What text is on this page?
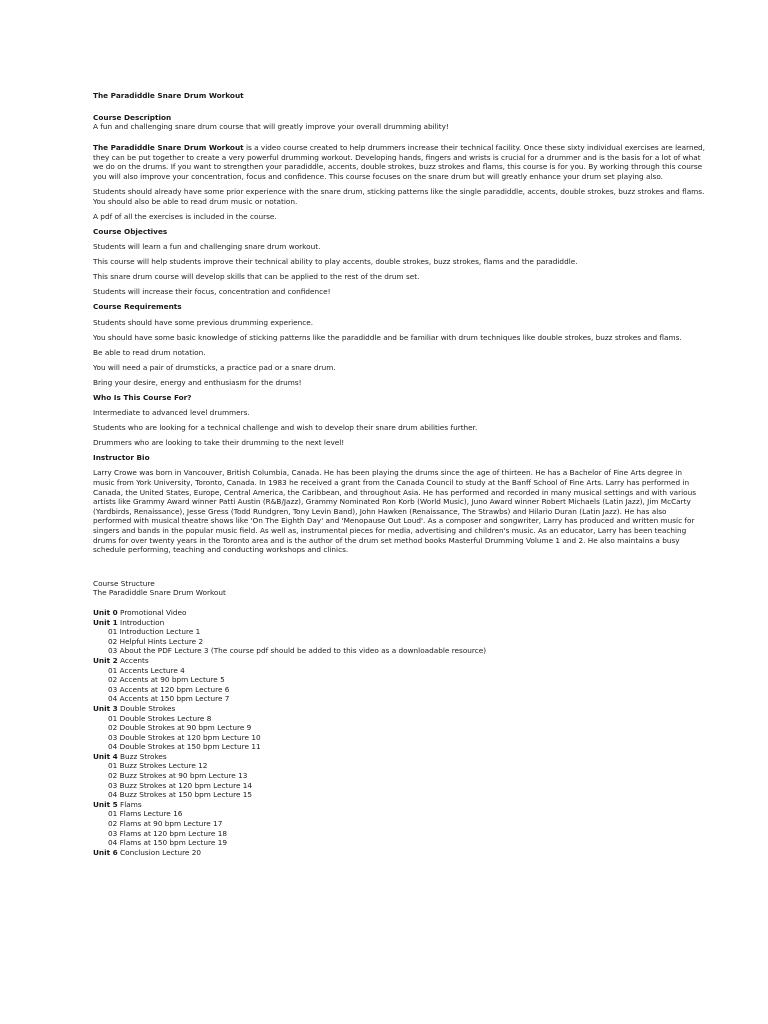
The Paradiddle Snare Drum Workout
Course Description
A fun and challenging snare drum course that will greatly improve your overall drumming ability!
The Paradiddle Snare Drum Workout is a video course created to help drummers increase their technical facility. Once these sixty individual exercises are learned, they can be put together to create a very powerful drumming workout. Developing hands, fingers and wrists is crucial for a drummer and is the basis for a lot of what we do on the drums. If you want to strengthen your paradiddle, accents, double strokes, buzz strokes and flams, this course is for you. By working through this course you will also improve your concentration, focus and confidence. This course focuses on the snare drum but will greatly enhance your drum set playing also.
Students should already have some prior experience with the snare drum, sticking patterns like the single paradiddle, accents, double strokes, buzz strokes and flams. You should also be able to read drum music or notation.
A pdf of all the exercises is included in the course.
Course Objectives
Students will learn a fun and challenging snare drum workout.
This course will help students improve their technical ability to play accents, double strokes, buzz strokes, flams and the paradiddle.
This snare drum course will develop skills that can be applied to the rest of the drum set.
Students will increase their focus, concentration and confidence!
Course Requirements
Students should have some previous drumming experience.
You should have some basic knowledge of sticking patterns like the paradiddle and be familiar with drum techniques like double strokes, buzz strokes and flams.
Be able to read drum notation.
You will need a pair of drumsticks, a practice pad or a snare drum.
Bring your desire, energy and enthusiasm for the drums!
Who Is This Course For?
Intermediate to advanced level drummers.
Students who are looking for a technical challenge and wish to develop their snare drum abilities further.
Drummers who are looking to take their drumming to the next level!
Instructor Bio
Larry Crowe was born in Vancouver, British Columbia, Canada. He has been playing the drums since the age of thirteen. He has a Bachelor of Fine Arts degree in music from York University, Toronto, Canada. In 1983 he received a grant from the Canada Council to study at the Banff School of Fine Arts. Larry has performed in Canada, the United States, Europe, Central America, the Caribbean, and throughout Asia. He has performed and recorded in many musical settings and with various artists like Grammy Award winner Patti Austin (R&B/Jazz), Grammy Nominated Ron Korb (World Music), Juno Award winner Robert Michaels (Latin Jazz), Jim McCarty (Yardbirds, Renaissance), Jesse Gress (Todd Rundgren, Tony Levin Band), John Hawken (Renaissance, The Strawbs) and Hilario Duran (Latin Jazz). He has also performed with musical theatre shows like 'On The Eighth Day' and 'Menopause Out Loud'. As a composer and songwriter, Larry has produced and written music for singers and bands in the popular music field. As well as, instrumental pieces for media, advertising and children's music. As an educator, Larry has been teaching drums for over twenty years in the Toronto area and is the author of the drum set method books Masterful Drumming Volume 1 and 2. He also maintains a busy schedule performing, teaching and conducting workshops and clinics.
Course Structure
The Paradiddle Snare Drum Workout
Unit 0 Promotional Video
Unit 1 Introduction
01 Introduction Lecture 1
02 Helpful Hints Lecture 2
03 About the PDF Lecture 3 (The course pdf should be added to this video as a downloadable resource)
Unit 2 Accents
01 Accents Lecture 4
02 Accents at 90 bpm Lecture 5
03 Accents at 120 bpm Lecture 6
04 Accents at 150 bpm Lecture 7
Unit 3 Double Strokes
01 Double Strokes Lecture 8
02 Double Strokes at 90 bpm Lecture 9
03 Double Strokes at 120 bpm Lecture 10
04 Double Strokes at 150 bpm Lecture 11
Unit 4 Buzz Strokes
01 Buzz Strokes Lecture 12
02 Buzz Strokes at 90 bpm Lecture 13
03 Buzz Strokes at 120 bpm Lecture 14
04 Buzz Strokes at 150 bpm Lecture 15
Unit 5 Flams
01 Flams Lecture 16
02 Flams at 90 bpm Lecture 17
03 Flams at 120 bpm Lecture 18
04 Flams at 150 bpm Lecture 19
Unit 6 Conclusion Lecture 20
